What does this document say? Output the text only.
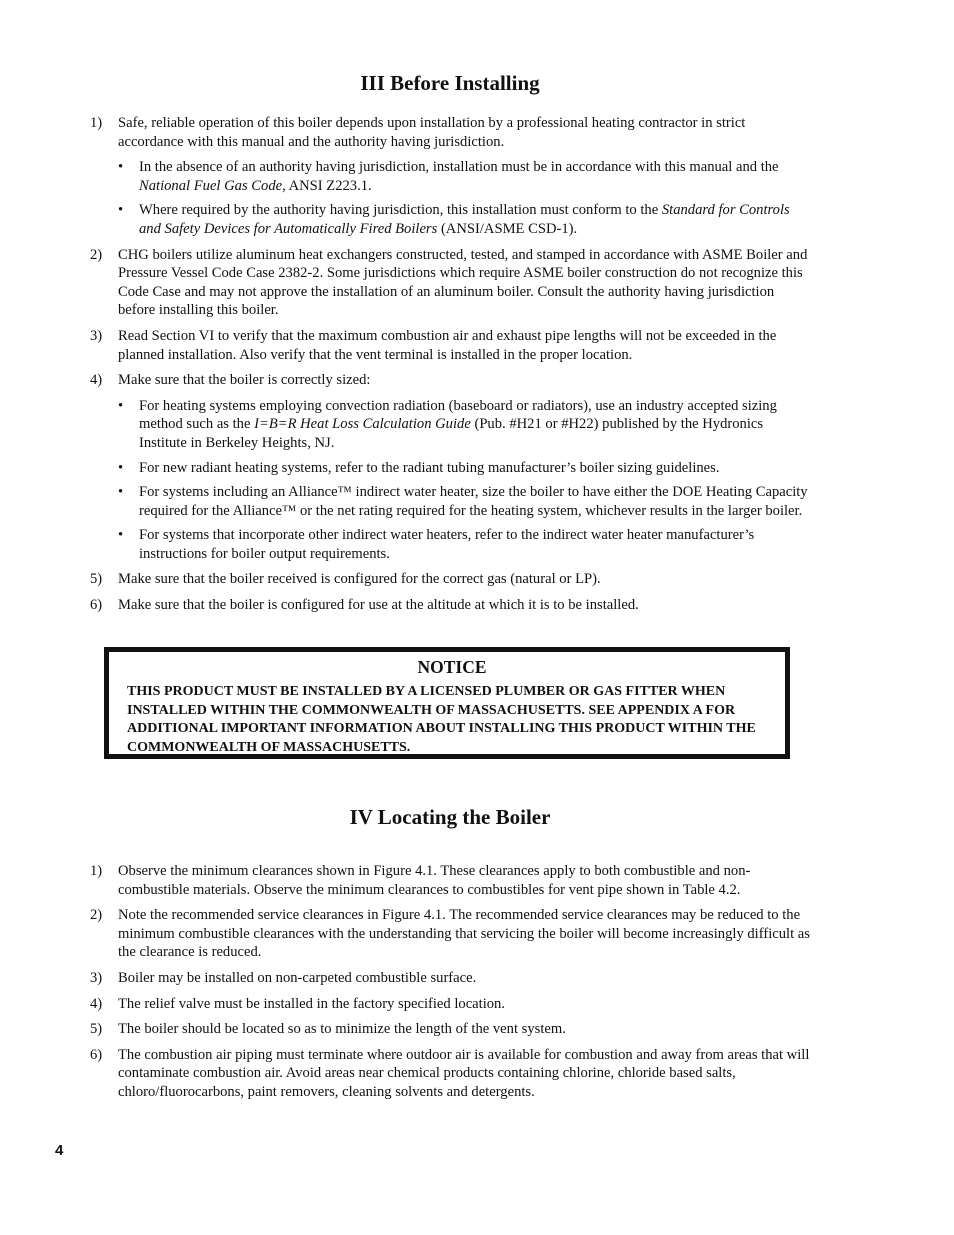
III Before Installing
1) Safe, reliable operation of this boiler depends upon installation by a professional heating contractor in strict accordance with this manual and the authority having jurisdiction.
• In the absence of an authority having jurisdiction, installation must be in accordance with this manual and the National Fuel Gas Code, ANSI Z223.1.
• Where required by the authority having jurisdiction, this installation must conform to the Standard for Controls and Safety Devices for Automatically Fired Boilers (ANSI/ASME CSD-1).
2) CHG boilers utilize aluminum heat exchangers constructed, tested, and stamped in accordance with ASME Boiler and Pressure Vessel Code Case 2382-2. Some jurisdictions which require ASME boiler construction do not recognize this Code Case and may not approve the installation of an aluminum boiler. Consult the authority having jurisdiction before installing this boiler.
3) Read Section VI to verify that the maximum combustion air and exhaust pipe lengths will not be exceeded in the planned installation. Also verify that the vent terminal is installed in the proper location.
4) Make sure that the boiler is correctly sized:
• For heating systems employing convection radiation (baseboard or radiators), use an industry accepted sizing method such as the I=B=R Heat Loss Calculation Guide (Pub. #H21 or #H22) published by the Hydronics Institute in Berkeley Heights, NJ.
• For new radiant heating systems, refer to the radiant tubing manufacturer’s boiler sizing guidelines.
• For systems including an Alliance™ indirect water heater, size the boiler to have either the DOE Heating Capacity required for the Alliance™ or the net rating required for the heating system, whichever results in the larger boiler.
• For systems that incorporate other indirect water heaters, refer to the indirect water heater manufacturer’s instructions for boiler output requirements.
5) Make sure that the boiler received is configured for the correct gas (natural or LP).
6) Make sure that the boiler is configured for use at the altitude at which it is to be installed.

NOTICE

THIS PRODUCT MUST BE INSTALLED BY A LICENSED PLUMBER OR GAS FITTER WHEN INSTALLED WITHIN THE COMMONWEALTH OF MASSACHUSETTS. SEE APPENDIX A FOR ADDITIONAL IMPORTANT INFORMATION ABOUT INSTALLING THIS PRODUCT WITHIN THE COMMONWEALTH OF MASSACHUSETTS.

IV Locating the Boiler
1) Observe the minimum clearances shown in Figure 4.1. These clearances apply to both combustible and non-combustible materials. Observe the minimum clearances to combustibles for vent pipe shown in Table 4.2.
2) Note the recommended service clearances in Figure 4.1. The recommended service clearances may be reduced to the minimum combustible clearances with the understanding that servicing the boiler will become increasingly difficult as the clearance is reduced.
3) Boiler may be installed on non-carpeted combustible surface.
4) The relief valve must be installed in the factory specified location.
5) The boiler should be located so as to minimize the length of the vent system.
6) The combustion air piping must terminate where outdoor air is available for combustion and away from areas that will contaminate combustion air. Avoid areas near chemical products containing chlorine, chloride based salts, chloro/fluorocarbons, paint removers, cleaning solvents and detergents.
4
